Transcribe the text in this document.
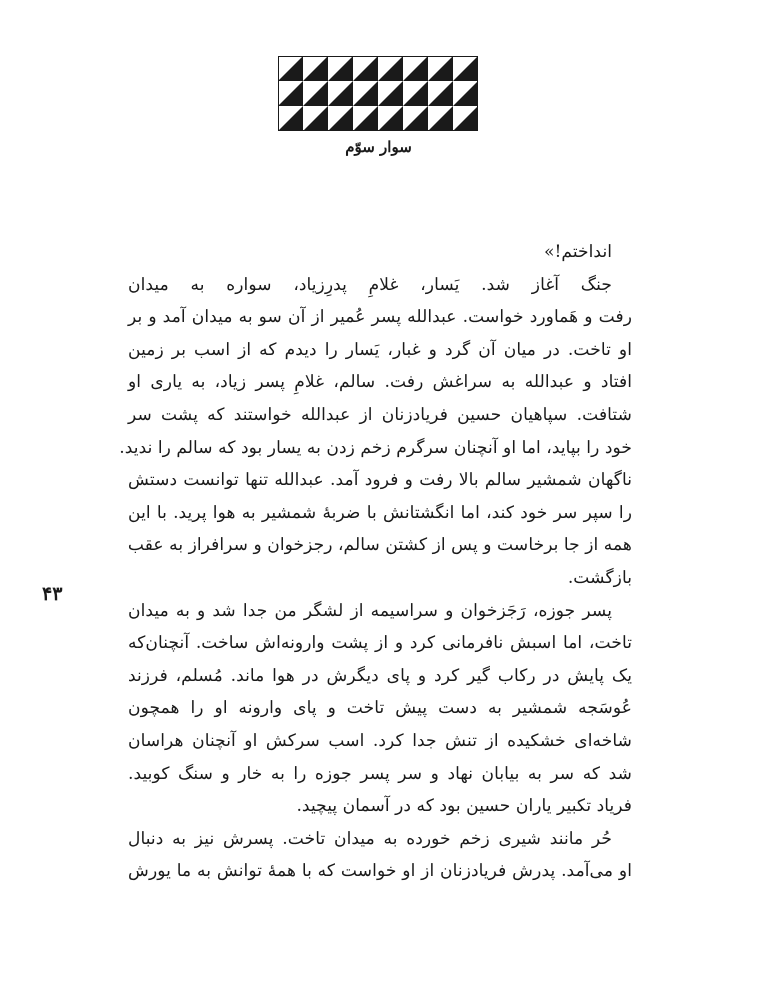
سوار سوّم
۴۳
انداختم!»
جنگ آغاز شد. یَسار، غلامِ پدرِزیاد، سواره به میدان
رفت و هَماورد خواست. عبدالله پسر عُمیر از آن سو به میدان آمد و بر
او تاخت. در میان آن گرد و غبار، یَسار را دیدم که از اسب بر زمین
افتاد و عبدالله به سراغش رفت. سالم، غلامِ پسر زیاد، به یاری او
شتافت. سپاهیان حسین فریادزنان از عبدالله خواستند که پشت سر
خود را بپاید، اما او آنچنان سرگرم زخم زدن به یسار بود که سالم را ندید.
ناگهان شمشیر سالم بالا رفت و فرود آمد. عبدالله تنها توانست دستش
را سپر سر خود کند، اما انگشتانش با ضربهٔ شمشیر به هوا پرید. با این
همه از جا برخاست و پس از کشتن سالم، رجزخوان و سرافراز به عقب
بازگشت.
پسر جوزه، رَجَزخوان و سراسیمه از لشگر من جدا شد و به میدان
تاخت، اما اسبش نافرمانی کرد و از پشت وارونه‌اش ساخت. آنچنان‌که
یک پایش در رکاب گیر کرد و پای دیگرش در هوا ماند. مُسلم، فرزند
عُوسَجه شمشیر به دست پیش تاخت و پای وارونه او را همچون
شاخه‌ای خشکیده از تنش جدا کرد. اسب سرکش او آنچنان هراسان
شد که سر به بیابان نهاد و سر پسر جوزه را به خار و سنگ کوبید.
فریاد تکبیر یاران حسین بود که در آسمان پیچید.
حُر مانند شیری زخم خورده به میدان تاخت. پسرش نیز به دنبال
او می‌آمد. پدرش فریادزنان از او خواست که با همهٔ توانش به ما یورش
